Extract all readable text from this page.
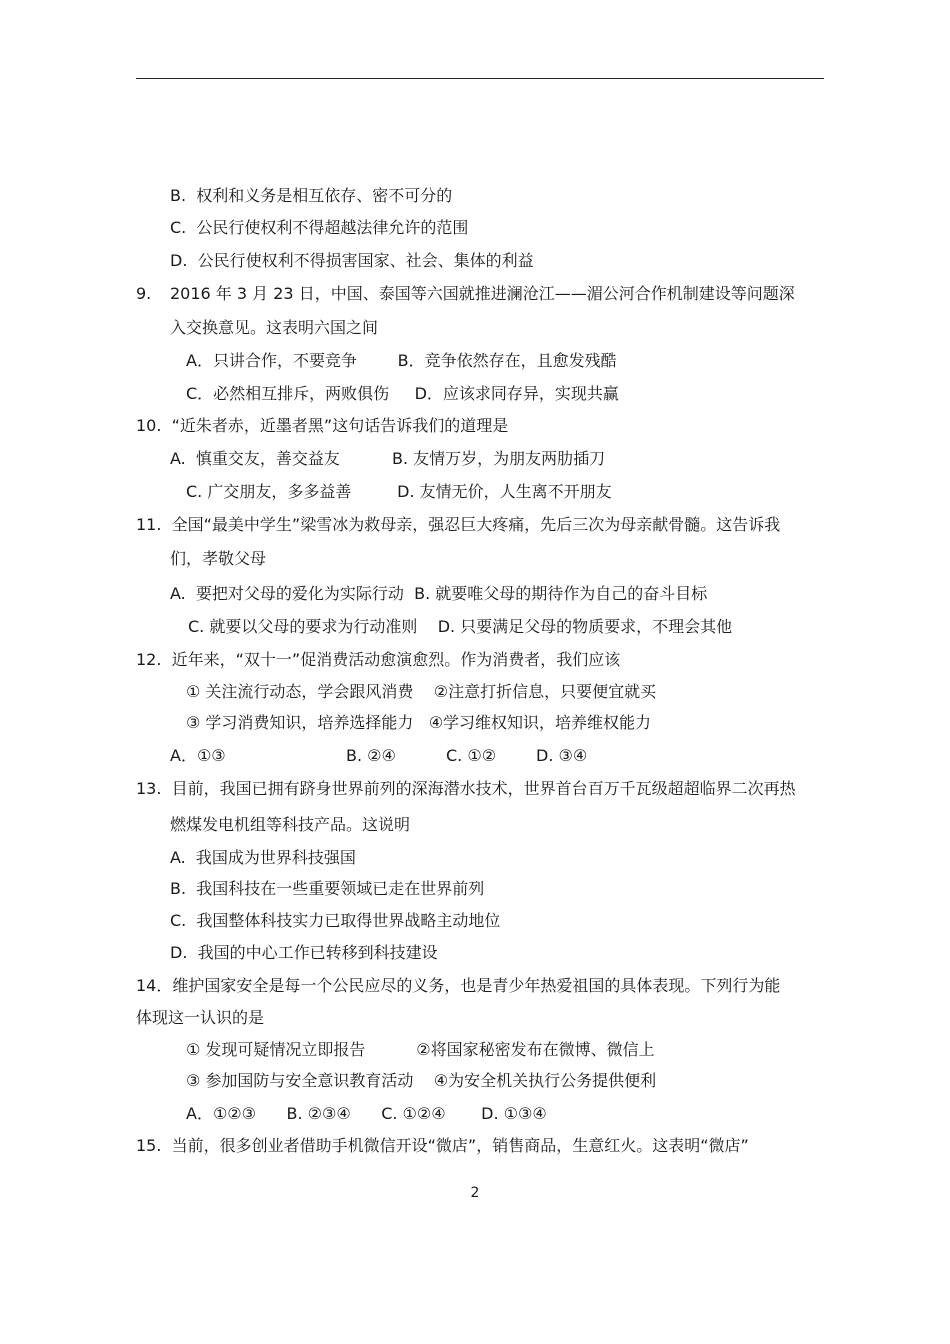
B.  权利和义务是相互依存、密不可分的
C.  公民行使权利不得超越法律允许的范围
D.  公民行使权利不得损害国家、社会、集体的利益
9. 2016 年 3 月 23 日，中国、泰国等六国就推进澜沧江——湄公河合作机制建设等问题深
入交换意见。这表明六国之间
A．只讲合作，不要竞争        B．竞争依然存在，且愈发残酷
C．必然相互排斥，两败俱伤     D．应该求同存异，实现共赢
10.  “近朱者赤，近墨者黑”这句话告诉我们的道理是
A.  慎重交友，善交益友	B. 友情万岁，为朋友两肋插刀
C. 广交朋友，多多益善         D. 友情无价，人生离不开朋友
11.  全国“最美中学生”梁雪冰为救母亲，强忍巨大疼痛，先后三次为母亲献骨髓。这告诉我
们，孝敬父母
A.  要把对父母的爱化为实际行动  B. 就要唯父母的期待作为自己的奋斗目标
C. 就要以父母的要求为行动准则    D. 只要满足父母的物质要求，不理会其他
12.  近年来，“双十一”促消费活动愈演愈烈。作为消费者，我们应该
① 关注流行动态，学会跟风消费    ②注意打折信息，只要便宜就买
③ 学习消费知识，培养选择能力   ④学习维权知识，培养维权能力
A．①③	B. ②④	C. ①② D. ③④
13.  目前，我国已拥有跻身世界前列的深海潜水技术，世界首台百万千瓦级超超临界二次再热
燃煤发电机组等科技产品。这说明
A.  我国成为世界科技强国
B.  我国科技在一些重要领域已走在世界前列
C.  我国整体科技实力已取得世界战略主动地位
D.  我国的中心工作已转移到科技建设
14．维护国家安全是每一个公民应尽的义务，也是青少年热爱祖国的具体表现。下列行为能
体现这一认识的是
① 发现可疑情况立即报告          ②将国家秘密发布在微博、微信上
③ 参加国防与安全意识教育活动    ④为安全机关执行公务提供便利
A．①②③      B. ②③④      C. ①②④       D. ①③④
15.  当前，很多创业者借助手机微信开设“微店”，销售商品，生意红火。这表明“微店”
2
